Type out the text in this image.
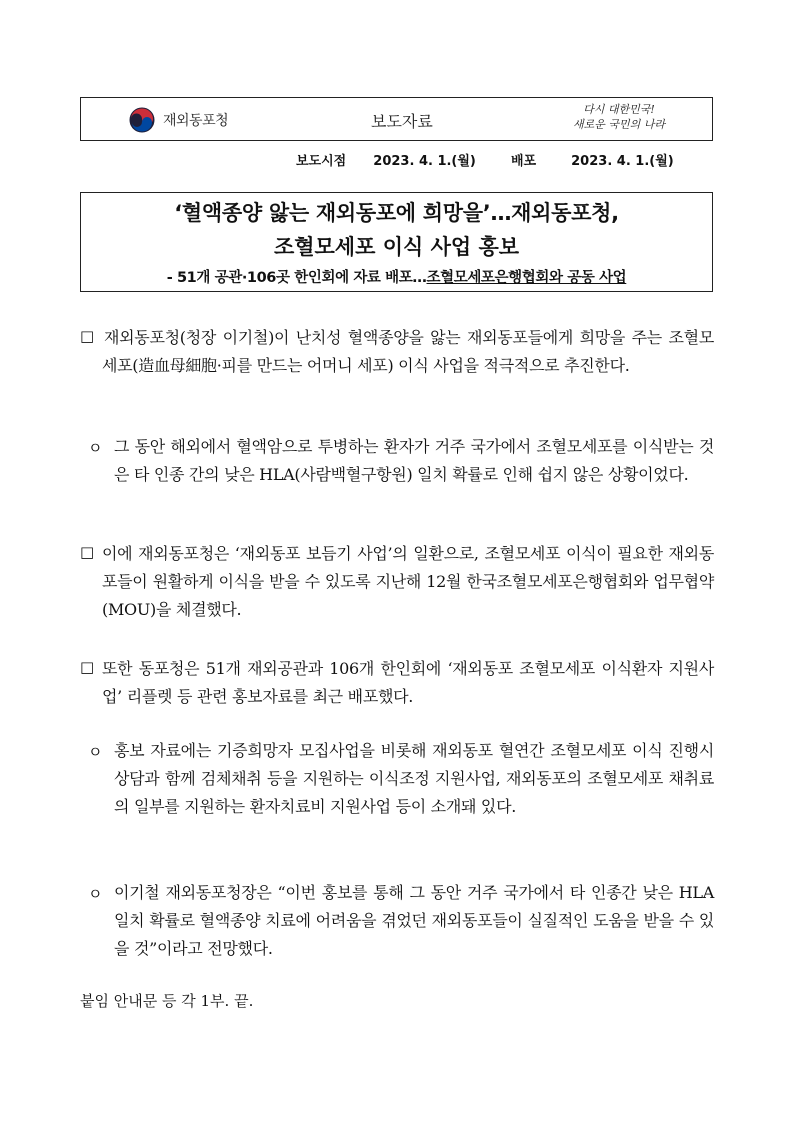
재외동포청	보도자료
다시 대한민국!
새로운 국민의 나라
보도시점 2023. 4. 1.(월)	배포	2023. 4. 1.(월)
‘혈액종양 앓는 재외동포에 희망을’…재외동포청,
조혈모세포 이식 사업 홍보
- 51개 공관·106곳 한인회에 자료 배포…조혈모세포은행협회와 공동 사업
□ 재외동포청(청장 이기철)이 난치성 혈액종양을 앓는 재외동포들에게 희망을 주는 조혈모세포(造血母細胞·피를 만드는 어머니 세포) 이식 사업을 적극적으로 추진한다.
ㅇ 그 동안 해외에서 혈액암으로 투병하는 환자가 거주 국가에서 조혈모세포를 이식받는 것은 타 인종 간의 낮은 HLA(사람백혈구항원) 일치 확률로 인해 쉽지 않은 상황이었다.
□ 이에 재외동포청은 ‘재외동포 보듬기 사업’의 일환으로, 조혈모세포 이식이 필요한 재외동포들이 원활하게 이식을 받을 수 있도록 지난해 12월 한국조혈모세포은행협회와 업무협약(MOU)을 체결했다.
□ 또한 동포청은 51개 재외공관과 106개 한인회에 ‘재외동포 조혈모세포 이식환자 지원사업’ 리플렛 등 관련 홍보자료를 최근 배포했다.
ㅇ 홍보 자료에는 기증희망자 모집사업을 비롯해 재외동포 혈연간 조혈모세포 이식 진행시 상담과 함께 검체채취 등을 지원하는 이식조정 지원사업, 재외동포의 조혈모세포 채취료의 일부를 지원하는 환자치료비 지원사업 등이 소개돼 있다.
ㅇ 이기철 재외동포청장은 “이번 홍보를 통해 그 동안 거주 국가에서 타 인종간 낮은 HLA 일치 확률로 혈액종양 치료에 어려움을 겪었던 재외동포들이 실질적인 도움을 받을 수 있을 것”이라고 전망했다.
붙임 안내문 등 각 1부. 끝.
